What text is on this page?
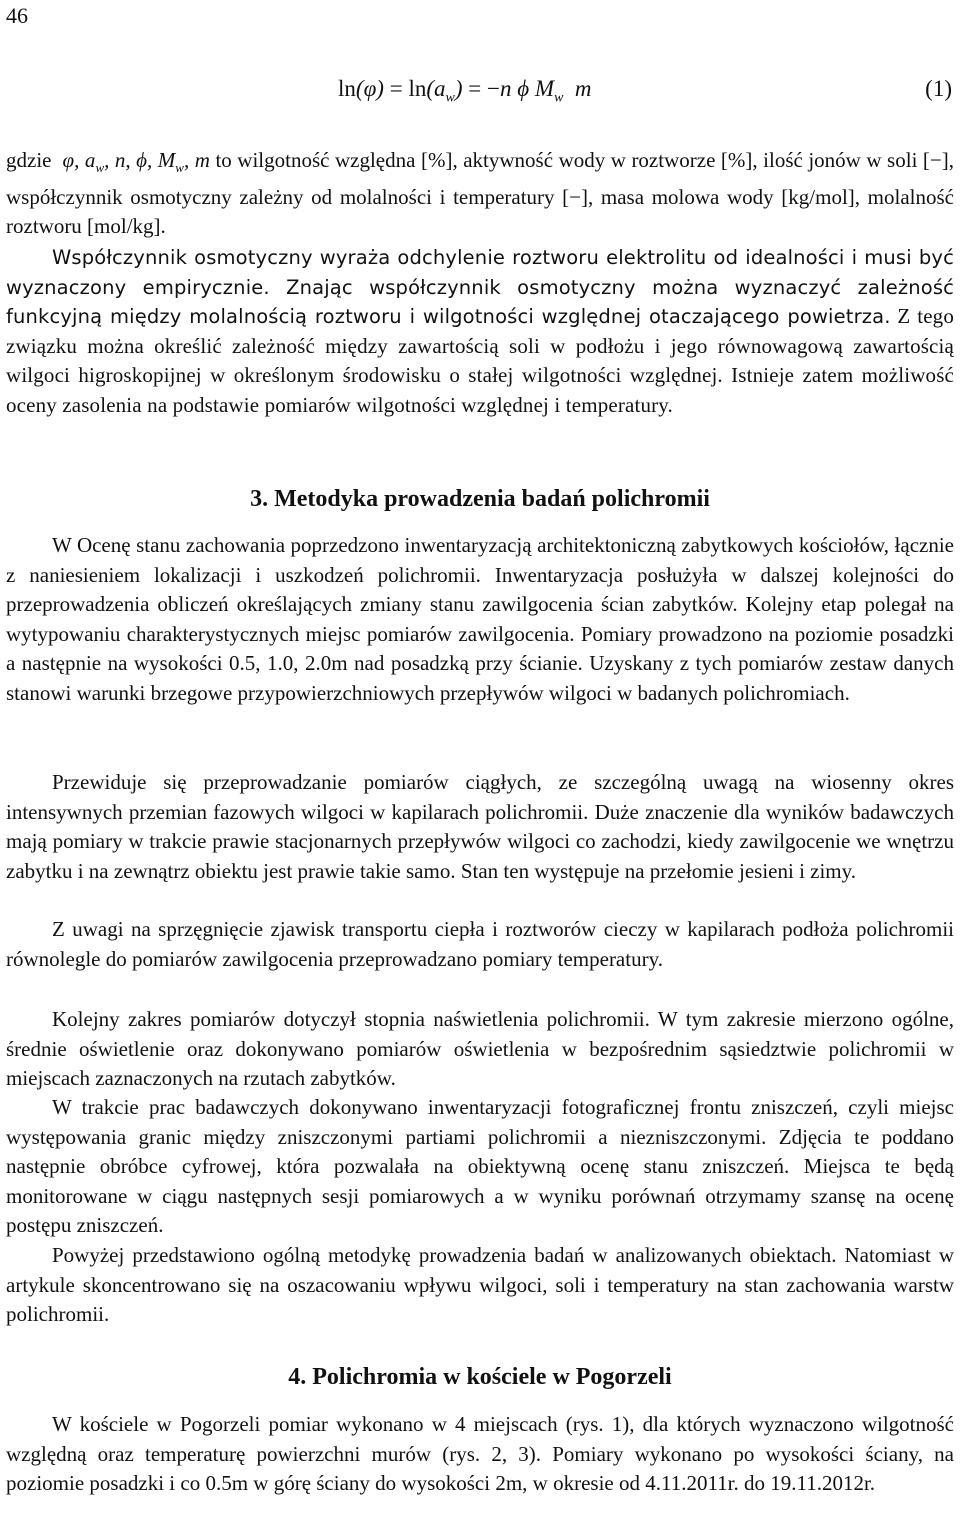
46
$\ln(\varphi) = \ln(a_w) = -n$ ϕ $M_w$ m	(1)

gdzie φ, $a_w$, n, ϕ, $M_w$, m to wilgotność względna [%], aktywność wody w roztworze [%], ilość jonów w soli [−], współczynnik osmotyczny zależny od molalności i temperatury [−], masa molowa wody [kg/mol], molalność roztworu [mol/kg].

Współczynnik osmotyczny wyraża odchylenie roztworu elektrolitu od idealności i musi być wyznaczony empirycznie. Znając współczynnik osmotyczny można wyznaczyć zależność funkcyjną między molalnością roztworu i wilgotności względnej otaczającego powietrza. Z tego związku można określić zależność między zawartością soli w podłożu i jego równowagową zawartością wilgoci higroskopijnej w określonym środowisku o stałej wilgotności względnej. Istnieje zatem możliwość oceny zasolenia na podstawie pomiarów wilgotności względnej i temperatury.

3. Metodyka prowadzenia badań polichromii

W Ocenę stanu zachowania poprzedzono inwentaryzacją architektoniczną zabytkowych kościołów, łącznie z naniesieniem lokalizacji i uszkodzeń polichromii. Inwentaryzacja posłużyła w dalszej kolejności do przeprowadzenia obliczeń określających zmiany stanu zawilgocenia ścian zabytków. Kolejny etap polegał na wytypowaniu charakterystycznych miejsc pomiarów zawilgocenia. Pomiary prowadzono na poziomie posadzki a następnie na wysokości 0.5, 1.0, 2.0m nad posadzką przy ścianie. Uzyskany z tych pomiarów zestaw danych stanowi warunki brzegowe przypowierzchniowych przepływów wilgoci w badanych polichromiach.

Przewiduje się przeprowadzanie pomiarów ciągłych, ze szczególną uwagą na wiosenny okres intensywnych przemian fazowych wilgoci w kapilarach polichromii. Duże znaczenie dla wyników badawczych mają pomiary w trakcie prawie stacjonarnych przepływów wilgoci co zachodzi, kiedy zawilgocenie we wnętrzu zabytku i na zewnątrz obiektu jest prawie takie samo. Stan ten występuje na przełomie jesieni i zimy.

Z uwagi na sprzęgnięcie zjawisk transportu ciepła i roztworów cieczy w kapilarach podłoża polichromii równolegle do pomiarów zawilgocenia przeprowadzano pomiary temperatury.

Kolejny zakres pomiarów dotyczył stopnia naświetlenia polichromii. W tym zakresie mierzono ogólne, średnie oświetlenie oraz dokonywano pomiarów oświetlenia w bezpośrednim sąsiedztwie polichromii w miejscach zaznaczonych na rzutach zabytków.

W trakcie prac badawczych dokonywano inwentaryzacji fotograficznej frontu zniszczeń, czyli miejsc występowania granic między zniszczonymi partiami polichromii a niezniszczonymi. Zdjęcia te poddano następnie obróbce cyfrowej, która pozwalała na obiektywną ocenę stanu zniszczeń. Miejsca te będą monitorowane w ciągu następnych sesji pomiarowych a w wyniku porównań otrzymamy szansę na ocenę postępu zniszczeń.

Powyżej przedstawiono ogólną metodykę prowadzenia badań w analizowanych obiektach. Natomiast w artykule skoncentrowano się na oszacowaniu wpływu wilgoci, soli i temperatury na stan zachowania warstw polichromii.

4. Polichromia w kościele w Pogorzeli

W kościele w Pogorzeli pomiar wykonano w 4 miejscach (rys. 1), dla których wyznaczono wilgotność względną oraz temperaturę powierzchni murów (rys. 2, 3). Pomiary wykonano po wysokości ściany, na poziomie posadzki i co 0.5m w górę ściany do wysokości 2m, w okresie od 4.11.2011r. do 19.11.2012r.
